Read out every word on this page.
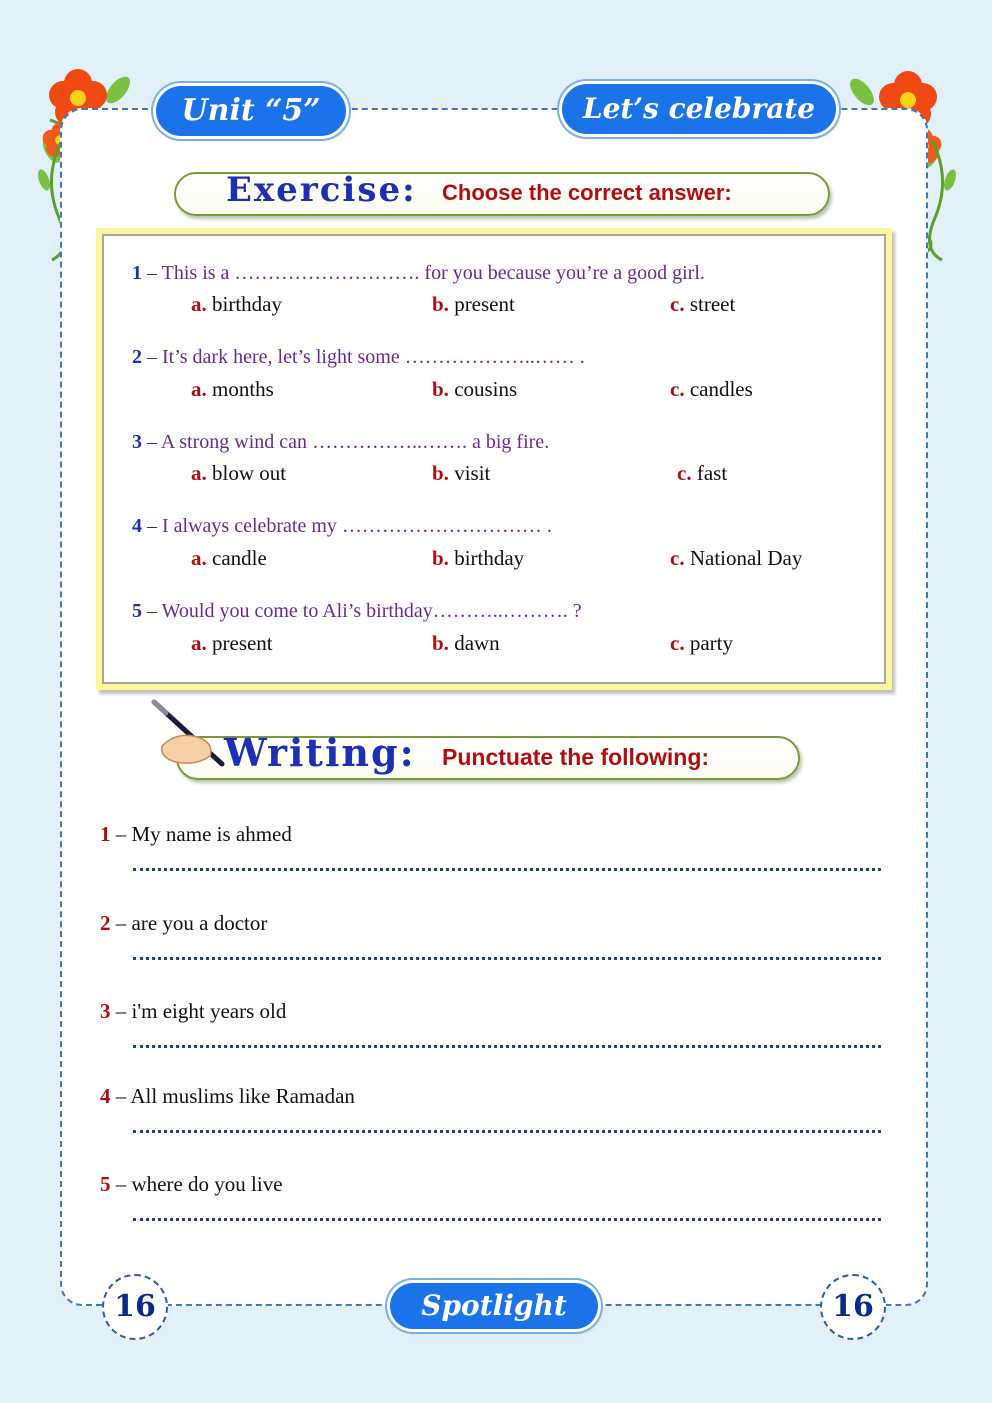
Unit “5”	Let’s celebrate
Exercise: Choose the correct answer:
1 – This is a ………………………. for you because you’re a good girl.
a. birthday	b. present	c. street
2 – It’s dark here, let’s light some ………………..…… .
a. months	b. cousins	c. candles
3 – A strong wind can ……………..……. a big fire.
a. blow out	b. visit	c. fast
4 – I always celebrate my ………………………… .
a. candle	b. birthday	c. National Day
5 – Would you come to Ali’s birthday………..………. ?
a. present	b. dawn	c. party
Writing: Punctuate the following:
1 – My name is ahmed
2 – are you a doctor
3 – i'm eight years old
4 – All muslims like Ramadan
5 – where do you live
16	Spotlight	16
